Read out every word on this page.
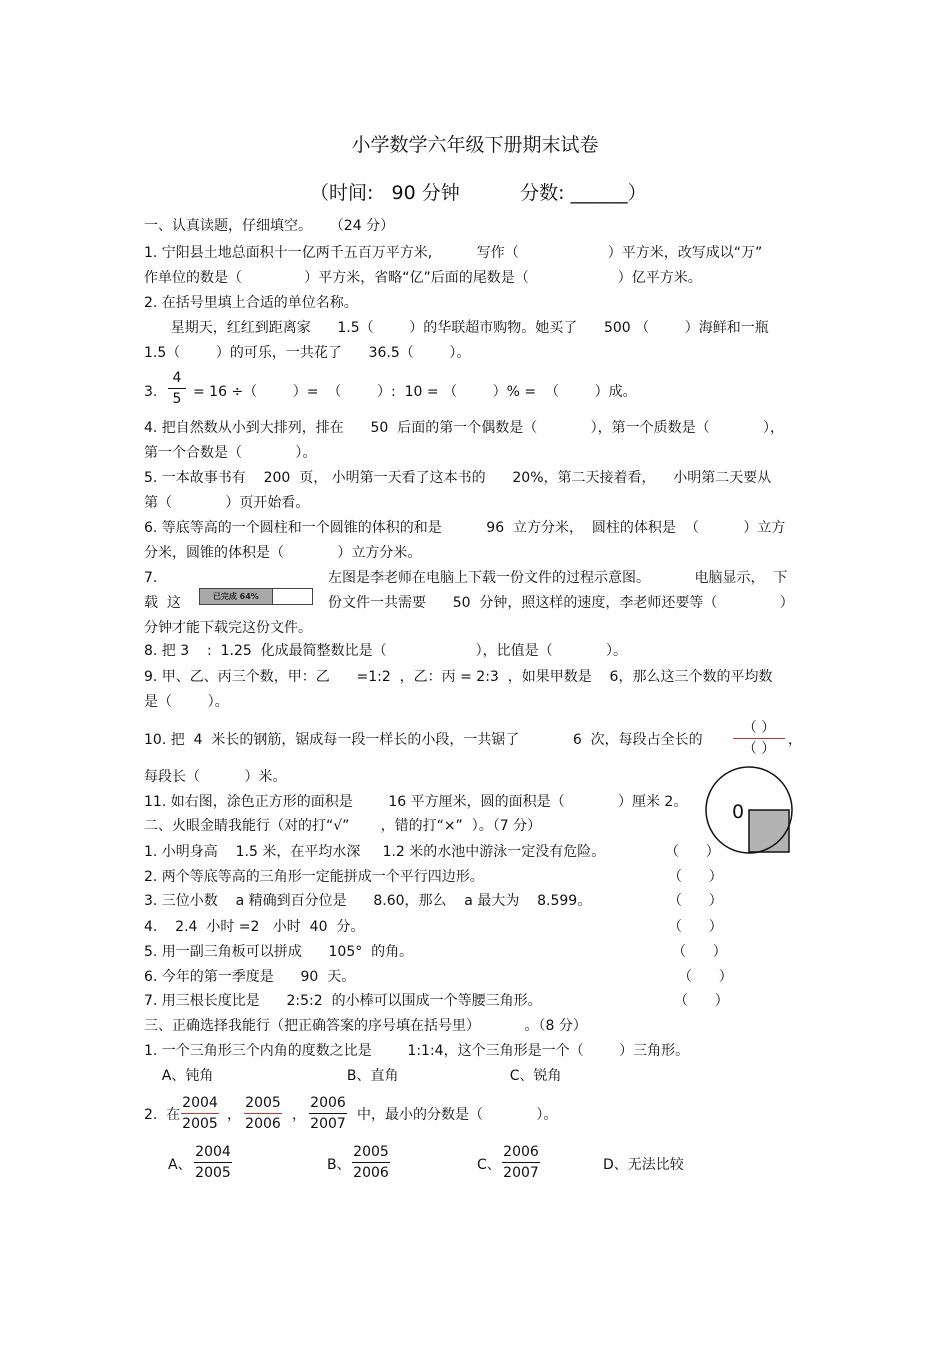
小学数学六年级下册期末试卷
（时间:   90 分钟          分数: ______）
一、认真读题，仔细填空。    （24 分）
1. 宁阳县土地总面积十一亿两千五百万平方米,          写作（                    ）平方米，改写成以“万”
作单位的数是（              ）平方米，省略“亿”后面的尾数是（                    ）亿平方米。
2. 在括号里填上合适的单位名称。
星期天，红红到距离家      1.5（        ）的华联超市购物。她买了      500 （        ）海鲜和一瓶
1.5（        ）的可乐，一共花了      36.5（        ）。
3. $\frac{4}{5} = 16$ ÷（        ）=  （        ）:  10 = （        ）% =  （        ）成。
4. 把自然数从小到大排列，排在      50  后面的第一个偶数是（            ），第一个质数是（            ），
第一个合数是（            ）。
5. 一本故事书有    200  页， 小明第一天看了这本书的      20%，第二天接着看，    小明第二天要从
第（            ）页开始看。
6. 等底等高的一个圆柱和一个圆锥的体积的和是          96  立方分米，  圆柱的体积是  （          ）立方
分米，圆锥的体积是（            ）立方分米。
7.	左图是李老师在电脑上下载一份文件的过程示意图。          电脑显示，  下
载  这	已完成 64%	份文件一共需要      50  分钟，照这样的速度，李老师还要等（              ）
分钟才能下载完这份文件。
8. 把 3    :  1.25  化成最简整数比是（                    ），比值是（            ）。
9. 甲、乙、丙三个数，甲：乙      =1:2  ，乙：丙 = 2:3  ，如果甲数是    6，那么这三个数的平均数
是（        ）。
10. 把  4  米长的钢筋，锯成每一段一样长的小段，一共锯了            6  次，每段占全长的
（ ）
（ ）
，
每段长（          ）米。
11. 如右图，涂色正方形的面积是        16 平方厘米，圆的面积是（            ）厘米 2。 0
二、火眼金睛我能行（对的打“√”       ，错的打“×”  ）。（7 分）
1. 小明身高    1.5 米，在平均水深     1.2 米的水池中游泳一定没有危险。	（      ）
2. 两个等底等高的三角形一定能拼成一个平行四边形。	（      ）
3. 三位小数    a 精确到百分位是      8.60，那么    a 最大为    8.599。	（      ）
4.    2.4  小时 =2   小时  40  分。	（      ）
5. 用一副三角板可以拼成      105°  的角。	（      ）
6. 今年的第一季度是      90  天。	（      ）
7. 用三根长度比是      2:5:2  的小棒可以围成一个等腰三角形。	（      ）
三、正确选择我能行（把正确答案的序号填在括号里）          。（8 分）
1. 一个三角形三个内角的度数之比是        1:1:4，这个三角形是一个（        ）三角形。
A、钝角                              B、直角                         C、锐角
2.  在 $\frac{2004}{2005}$ ， $\frac{2005}{2006}$ ， $\frac{2006}{2007}$ 中，最小的分数是（            ）。
A、 $\frac{2004}{2005}$	B、 $\frac{2005}{2006}$	C、 $\frac{2006}{2007}$	D、无法比较
